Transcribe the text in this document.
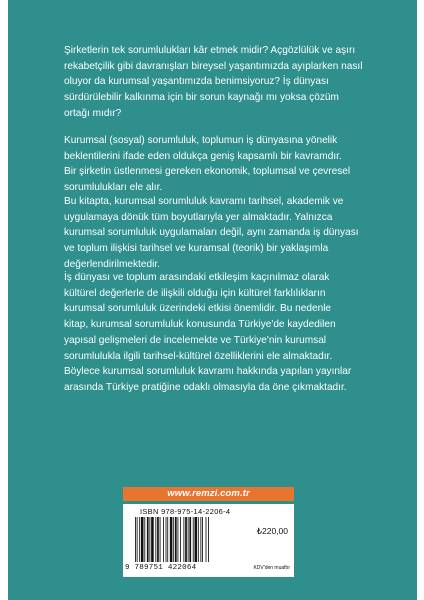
Şirketlerin tek sorumlulukları kâr etmek midir? Açgözlülük ve aşırı
rekabetçilik gibi davranışları bireysel yaşantımızda ayıplarken nasıl
oluyor da kurumsal yaşantımızda benimsiyoruz? İş dünyası
sürdürülebilir kalkınma için bir sorun kaynağı mı yoksa çözüm
ortağı mıdır?

Kurumsal (sosyal) sorumluluk, toplumun iş dünyasına yönelik
beklentilerini ifade eden oldukça geniş kapsamlı bir kavramdır.
Bir şirketin üstlenmesi gereken ekonomik, toplumsal ve çevresel
sorumlulukları ele alır.

Bu kitapta, kurumsal sorumluluk kavramı tarihsel, akademik ve
uygulamaya dönük tüm boyutlarıyla yer almaktadır. Yalnızca
kurumsal sorumluluk uygulamaları değil, aynı zamanda iş dünyası
ve toplum ilişkisi tarihsel ve kuramsal (teorik) bir yaklaşımla
değerlendirilmektedir.

İş dünyası ve toplum arasındaki etkileşim kaçınılmaz olarak
kültürel değerlerle de ilişkili olduğu için kültürel farklılıkların
kurumsal sorumluluk üzerindeki etkisi önemlidir. Bu nedenle
kitap, kurumsal sorumluluk konusunda Türkiye'de kaydedilen
yapısal gelişmeleri de incelemekte ve Türkiye'nin kurumsal
sorumlulukla ilgili tarihsel-kültürel özelliklerini ele almaktadır.
Böylece kurumsal sorumluluk kavramı hakkında yapılan yayınlar
arasında Türkiye pratiğine odaklı olmasıyla da öne çıkmaktadır.

www.remzi.com.tr
ISBN 978-975-14-2206-4
₺220,00
9 789751 422064	KDV'den muaftır
